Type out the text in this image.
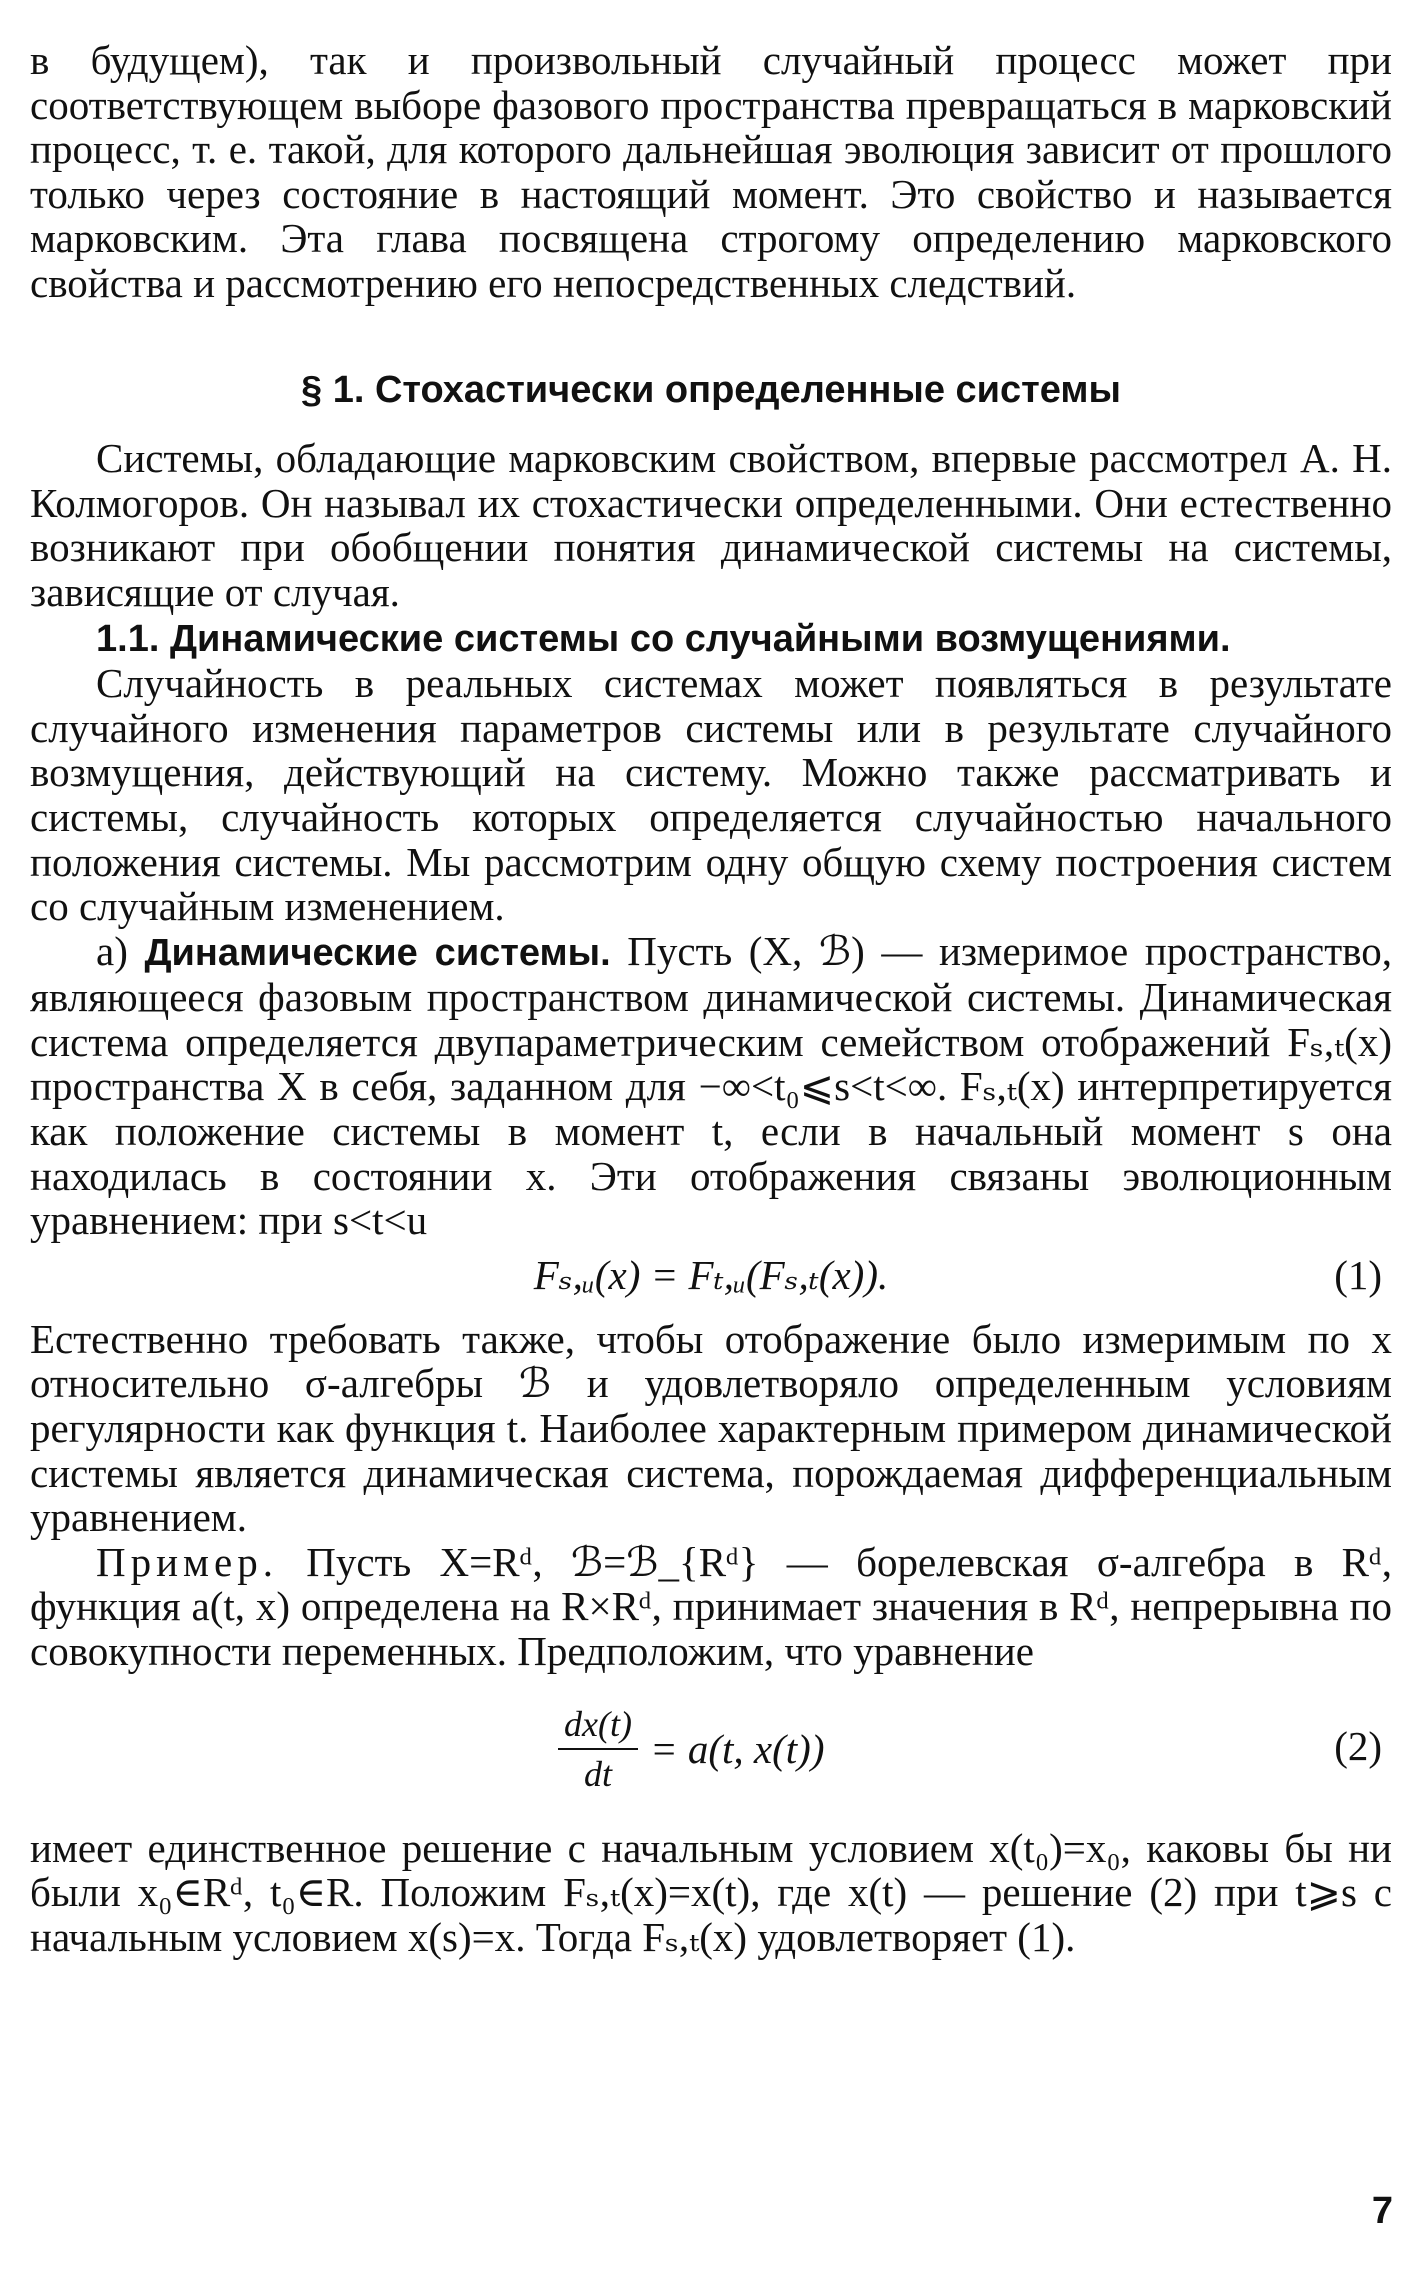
в будущем), так и произвольный случайный процесс может при соответствующем выборе фазового пространства превращаться в марковский процесс, т. е. такой, для которого дальнейшая эволюция зависит от прошлого только через состояние в настоящий момент. Это свойство и называется марковским. Эта глава посвящена строгому определению марковского свойства и рассмотрению его непосредственных следствий.

§ 1. Стохастически определенные системы

Системы, обладающие марковским свойством, впервые рассмотрел А. Н. Колмогоров. Он называл их стохастически определенными. Они естественно возникают при обобщении понятия динамической системы на системы, зависящие от случая.

1.1. Динамические системы со случайными возмущениями.

Случайность в реальных системах может появляться в результате случайного изменения параметров системы или в результате случайного возмущения, действующий на систему. Можно также рассматривать и системы, случайность которых определяется случайностью начального положения системы. Мы рассмотрим одну общую схему построения систем со случайным изменением.

а) Динамические системы. Пусть (X, ℬ) — измеримое пространство, являющееся фазовым пространством динамической системы. Динамическая система определяется двупараметрическим семейством отображений Fₛ,ₜ(x) пространства X в себя, заданном для −∞<t₀⩽s<t<∞. Fₛ,ₜ(x) интерпретируется как положение системы в момент t, если в начальный момент s она находилась в состоянии x. Эти отображения связаны эволюционным уравнением: при s<t<u

Fₛ,ᵤ(x) = Fₜ,ᵤ(Fₛ,ₜ(x)).	(1)

Естественно требовать также, чтобы отображение было измеримым по x относительно σ-алгебры ℬ и удовлетворяло определенным условиям регулярности как функция t. Наиболее характерным примером динамической системы является динамическая система, порождаемая дифференциальным уравнением.

Пример. Пусть X=Rᵈ, ℬ=ℬ_{Rᵈ} — борелевская σ-алгебра в Rᵈ, функция a(t, x) определена на R×Rᵈ, принимает значения в Rᵈ, непрерывна по совокупности переменных. Предположим, что уравнение

$\frac{dx(t)}{dt} = a(t$, x(t))	(2)

имеет единственное решение с начальным условием x(t₀)=x₀, каковы бы ни были x₀∈Rᵈ, t₀∈R. Положим Fₛ,ₜ(x)=x(t), где x(t) — решение (2) при t⩾s с начальным условием x(s)=x. Тогда Fₛ,ₜ(x) удовлетворяет (1).

7
